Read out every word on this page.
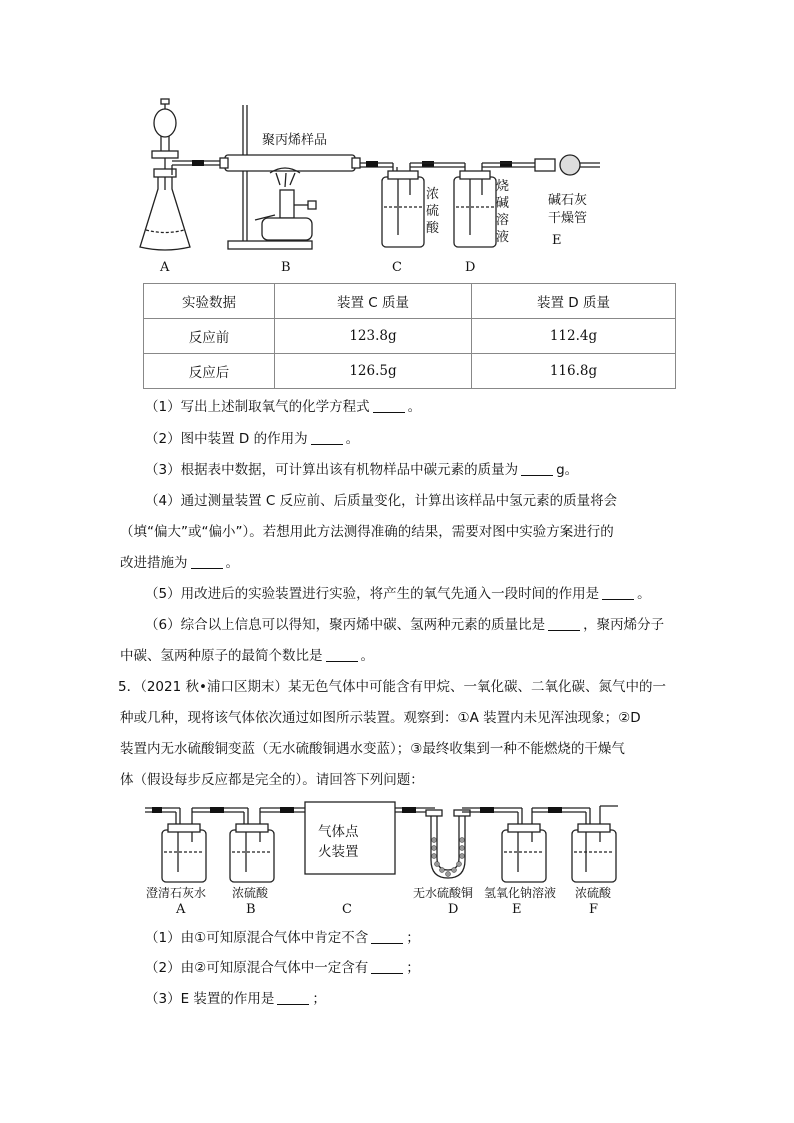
聚丙烯样品
浓
硫
酸
烧
碱
溶
液
碱石灰
干燥管
A	B	C	D
E
实验数据	装置 C 质量	装置 D 质量
反应前	123.8g	112.4g
反应后	126.5g	116.8g
（1）写出上述制取氧气的化学方程式	。
（2）图中装置 D 的作用为	。
（3）根据表中数据，可计算出该有机物样品中碳元素的质量为	g。
（4）通过测量装置 C 反应前、后质量变化，计算出该样品中氢元素的质量将会
（填“偏大”或“偏小”）。若想用此方法测得准确的结果，需要对图中实验方案进行的
改进措施为	。
（5）用改进后的实验装置进行实验，将产生的氧气先通入一段时间的作用是	。
（6）综合以上信息可以得知，聚丙烯中碳、氢两种元素的质量比是	，聚丙烯分子
中碳、氢两种原子的最简个数比是	。
5．（2021 秋•浦口区期末）某无色气体中可能含有甲烷、一氧化碳、二氧化碳、氮气中的一
种或几种，现将该气体依次通过如图所示装置。观察到：①A 装置内未见浑浊现象；②D
装置内无水硫酸铜变蓝（无水硫酸铜遇水变蓝）；③最终收集到一种不能燃烧的干燥气
体（假设每步反应都是完全的）。请回答下列问题：
气体点
火装置
澄清石灰水 浓硫酸	无水硫酸铜 氢氧化钠溶液 浓硫酸
A	B	C	D	E	F
（1）由①可知原混合气体中肯定不含	；
（2）由②可知原混合气体中一定含有	；
（3）E 装置的作用是	；
